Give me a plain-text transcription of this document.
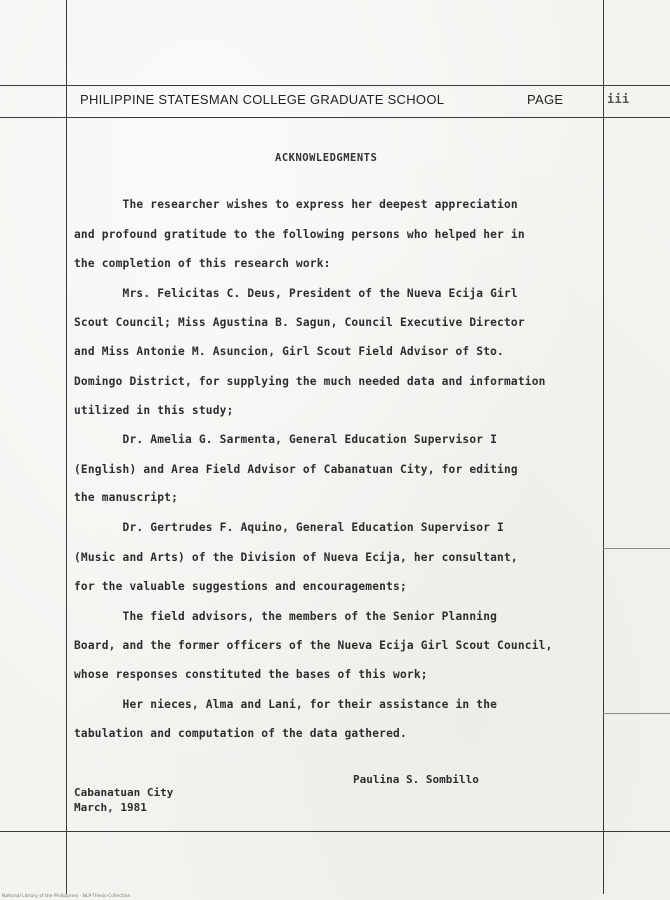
PHILIPPINE STATESMAN COLLEGE GRADUATE SCHOOL	PAGE	iii
ACKNOWLEDGMENTS
The researcher wishes to express her deepest appreciation
and profound gratitude to the following persons who helped her in
the completion of this research work:
Mrs. Felicitas C. Deus, President of the Nueva Ecija Girl
Scout Council; Miss Agustina B. Sagun, Council Executive Director
and Miss Antonie M. Asuncion, Girl Scout Field Advisor of Sto.
Domingo District, for supplying the much needed data and information
utilized in this study;
Dr. Amelia G. Sarmenta, General Education Supervisor I
(English) and Area Field Advisor of Cabanatuan City, for editing
the manuscript;
Dr. Gertrudes F. Aquino, General Education Supervisor I
(Music and Arts) of the Division of Nueva Ecija, her consultant,
for the valuable suggestions and encouragements;
The field advisors, the members of the Senior Planning
Board, and the former officers of the Nueva Ecija Girl Scout Council,
whose responses constituted the bases of this work;
Her nieces, Alma and Lani, for their assistance in the
tabulation and computation of the data gathered.
Paulina S. Sombillo
Cabanatuan City
March, 1981
National Library of the Philippines · NLP-Thesis-Collection
